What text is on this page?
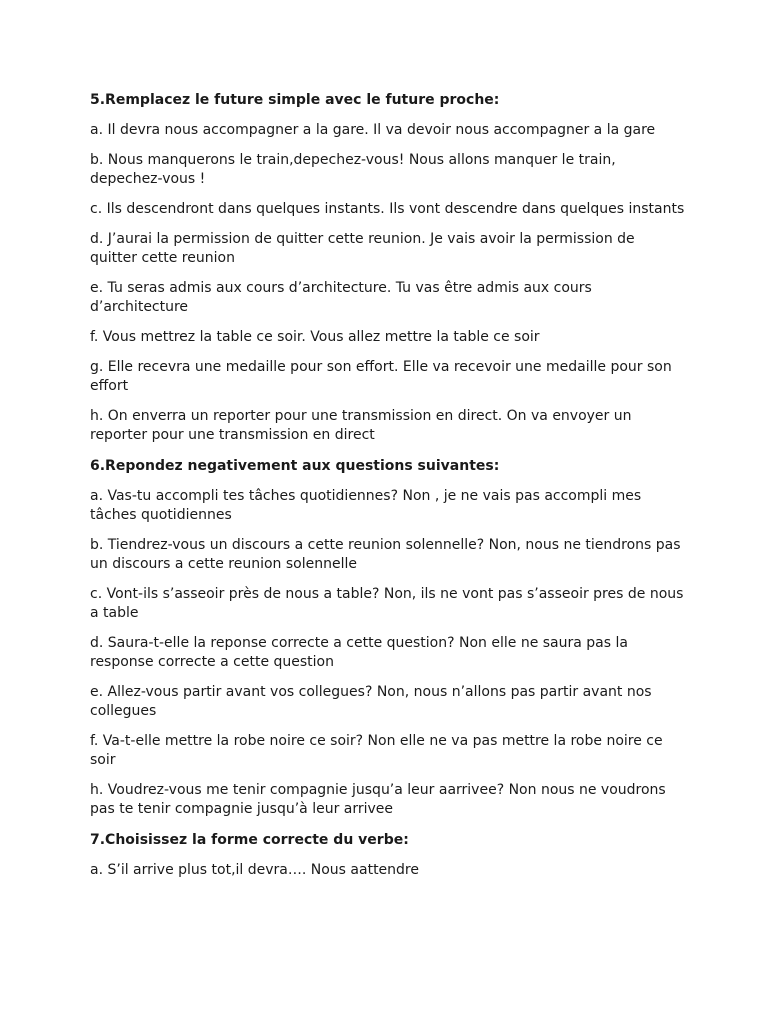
5.Remplacez le future simple avec le future proche:
a. Il devra nous accompagner a la gare. Il va devoir nous accompagner a la gare
b. Nous manquerons le train,depechez-vous! Nous allons manquer le train,
depechez-vous !
c. Ils descendront dans quelques instants. Ils vont descendre dans quelques instants
d. J’aurai la permission de quitter cette reunion. Je vais avoir la permission de
quitter cette reunion
e. Tu seras admis aux cours d’architecture. Tu vas être admis aux cours
d’architecture
f. Vous mettrez la table ce soir. Vous allez mettre la table ce soir
g. Elle recevra une medaille pour son effort. Elle va recevoir une medaille pour son
effort
h. On enverra un reporter pour une transmission en direct. On va envoyer un
reporter pour une transmission en direct
6.Repondez negativement aux questions suivantes:
a. Vas-tu accompli tes tâches quotidiennes? Non , je ne vais pas accompli mes
tâches quotidiennes
b. Tiendrez-vous un discours a cette reunion solennelle? Non, nous ne tiendrons pas
un discours a cette reunion solennelle
c. Vont-ils s’asseoir près de nous a table? Non, ils ne vont pas s’asseoir pres de nous
a table
d. Saura-t-elle la reponse correcte a cette question? Non elle ne saura pas la
response correcte a cette question
e. Allez-vous partir avant vos collegues? Non, nous n’allons pas partir avant nos
collegues
f. Va-t-elle mettre la robe noire ce soir? Non elle ne va pas mettre la robe noire ce
soir
h. Voudrez-vous me tenir compagnie jusqu’a leur aarrivee? Non nous ne voudrons
pas te tenir compagnie jusqu’à leur arrivee
7.Choisissez la forme correcte du verbe:
a. S’il arrive plus tot,il devra…. Nous aattendre
